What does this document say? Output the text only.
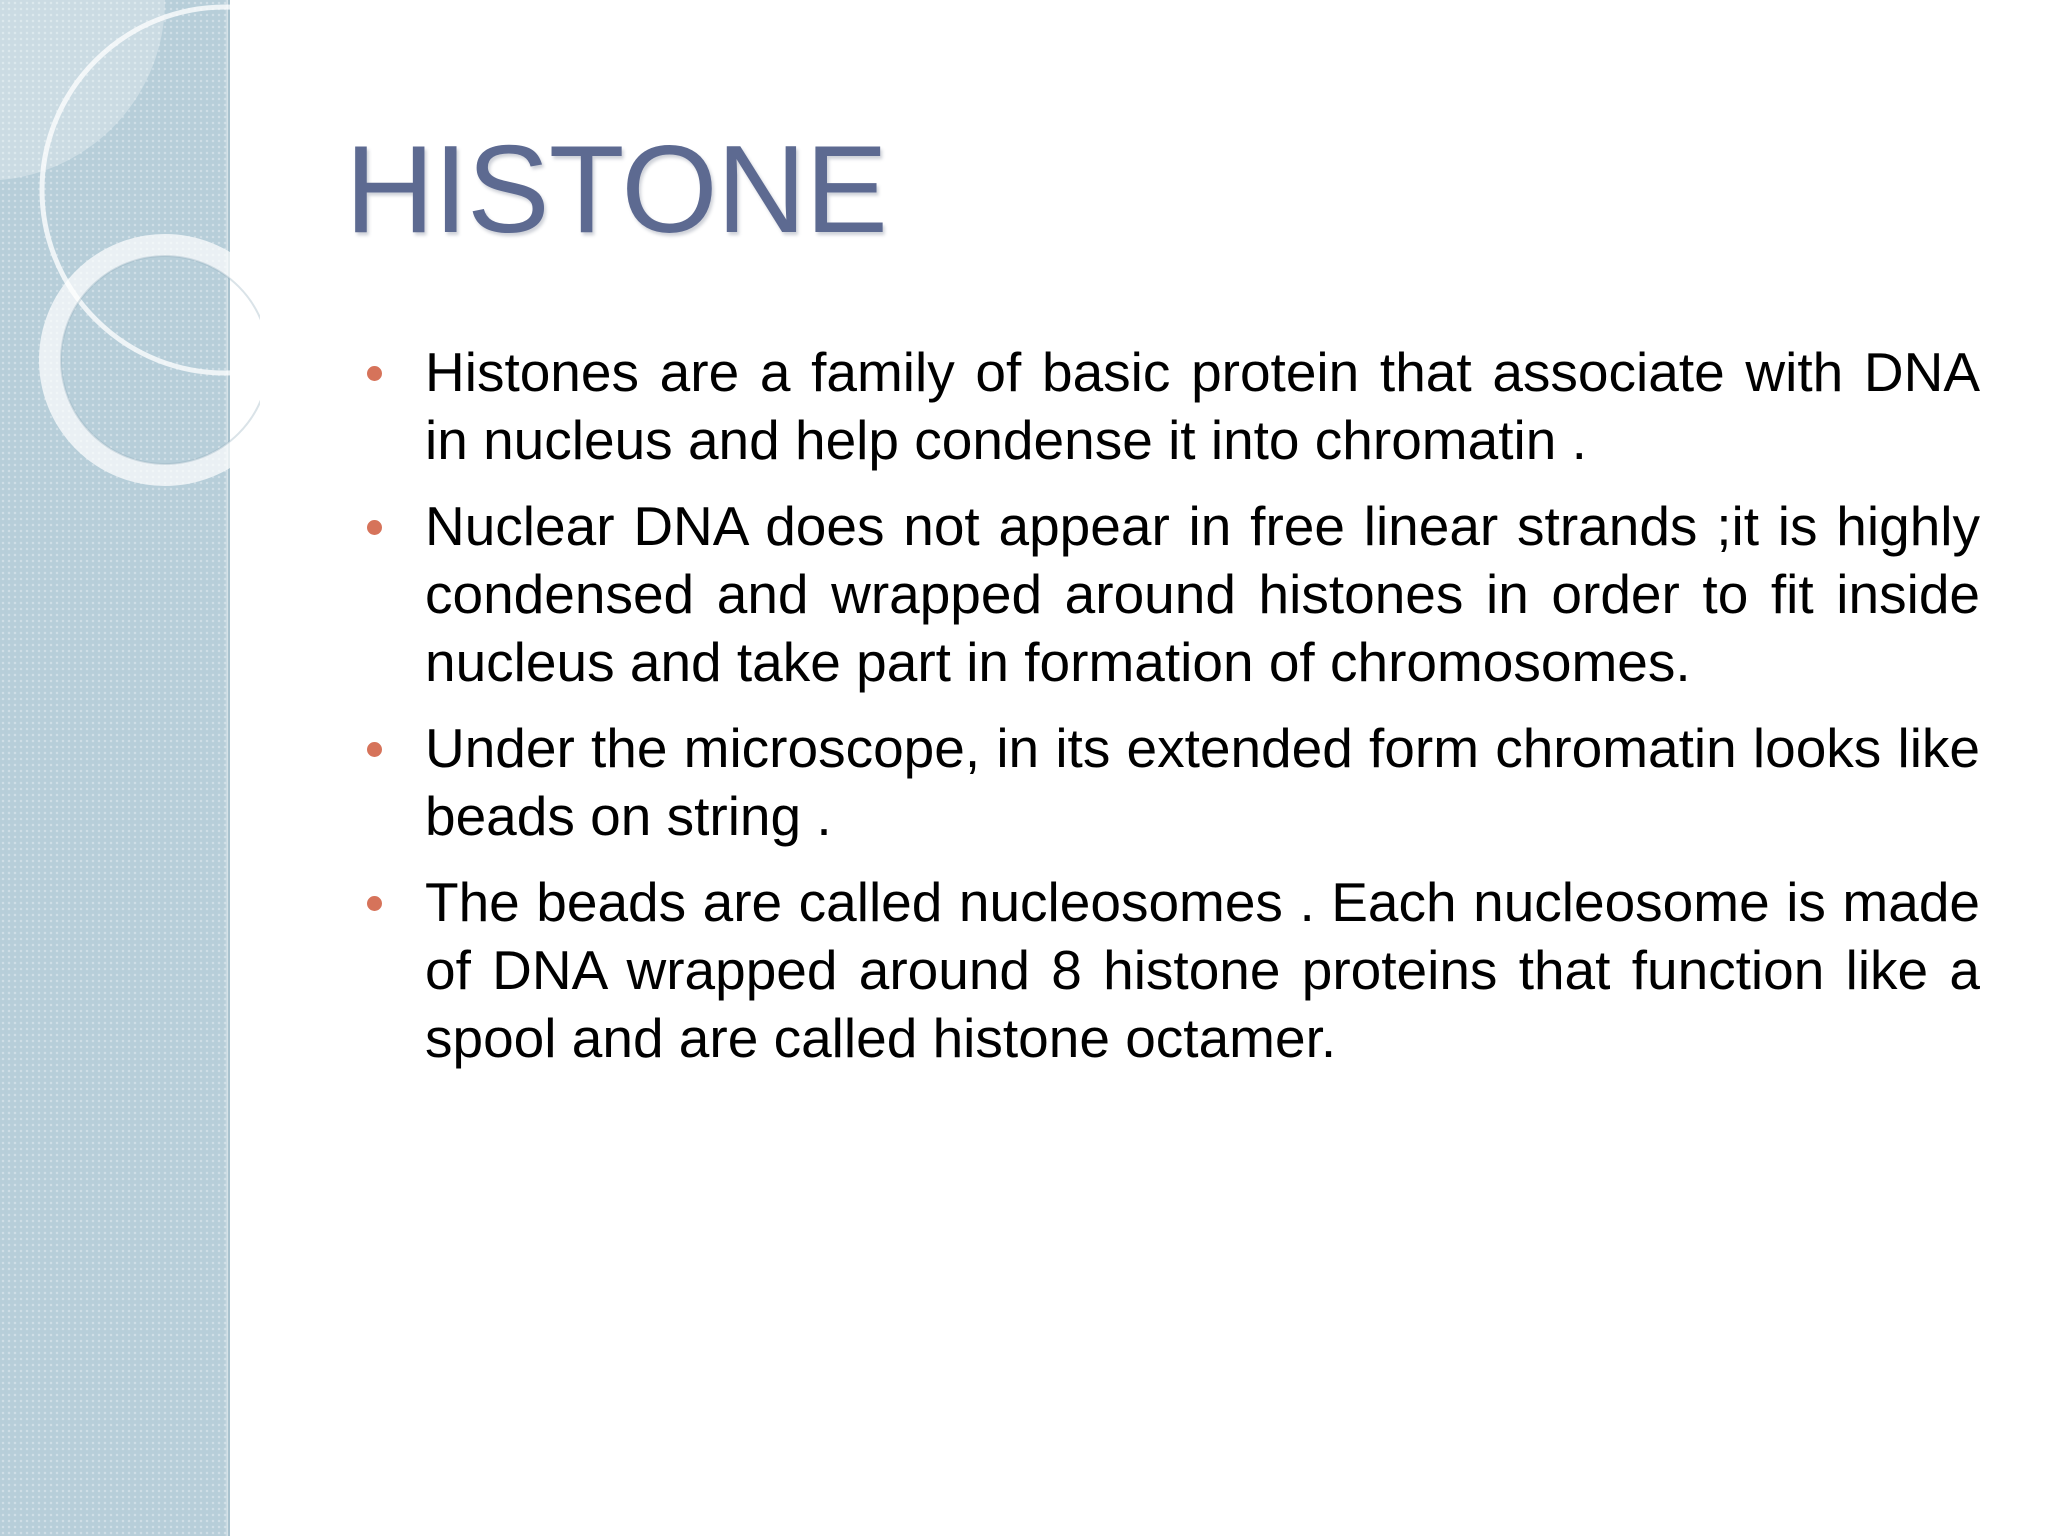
HISTONE
Histones are a family of basic protein that associate with DNA in nucleus and help condense it into chromatin .
Nuclear DNA does not appear in free linear strands ;it is highly condensed and wrapped around histones in order to fit inside nucleus and take part in formation of chromosomes.
Under the microscope, in its extended form chromatin looks like beads on string .
The beads are called nucleosomes . Each nucleosome is made of DNA wrapped around 8 histone proteins that function like a spool and are called histone octamer.
